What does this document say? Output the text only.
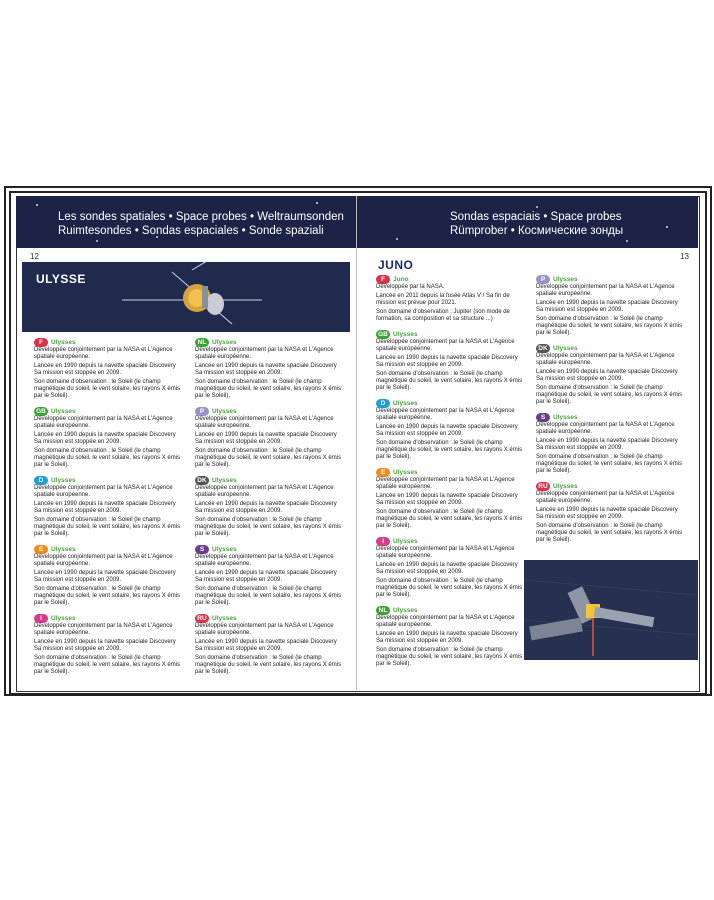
Les sondes spatiales • Space probes • Weltraumsonden
Ruimtesondes • Sondas espaciales • Sonde spaziali
Sondas espaciais • Space probes
Rümprober • Космические зонды
12
ULYSSE
F	Ulysses

Développée conjointement par la NASA et L'Agence spatiale européenne.

Lancée en 1990 depuis la navette spaciale Discovery Sa mission est stoppée en 2009.

Son domaine d'observation : le Soleil (le champ magnétique du soleil, le vent solaire, les rayons X émis par le Soleil).

GB Ulysses

Développée conjointement par la NASA et L'Agence spatiale européenne.

Lancée en 1990 depuis la navette spaciale Discovery Sa mission est stoppée en 2009.

Son domaine d'observation : le Soleil (le champ magnétique du soleil, le vent solaire, les rayons X émis par le Soleil).

D	Ulysses

Développée conjointement par la NASA et L'Agence spatiale européenne.

Lancée en 1990 depuis la navette spaciale Discovery Sa mission est stoppée en 2009.

Son domaine d'observation : le Soleil (le champ magnétique du soleil, le vent solaire, les rayons X émis par le Soleil).

E	Ulysses

Développée conjointement par la NASA et L'Agence spatiale européenne.

Lancée en 1990 depuis la navette spaciale Discovery Sa mission est stoppée en 2009.

Son domaine d'observation : le Soleil (le champ magnétique du soleil, le vent solaire, les rayons X émis par le Soleil).

I	Ulysses

Développée conjointement par la NASA et L'Agence spatiale européenne.

Lancée en 1990 depuis la navette spaciale Discovery Sa mission est stoppée en 2009.

Son domaine d'observation : le Soleil (le champ magnétique du soleil, le vent solaire, les rayons X émis par le Soleil).

NL Ulysses

Développée conjointement par la NASA et L'Agence spatiale européenne.

Lancée en 1990 depuis la navette spaciale Discovery Sa mission est stoppée en 2009.

Son domaine d'observation : le Soleil (le champ magnétique du soleil, le vent solaire, les rayons X émis par le Soleil).

P	Ulysses

Développée conjointement par la NASA et L'Agence spatiale européenne.

Lancée en 1990 depuis la navette spaciale Discovery Sa mission est stoppée en 2009.

Son domaine d'observation : le Soleil (le champ magnétique du soleil, le vent solaire, les rayons X émis par le Soleil).

DK Ulysses

Développée conjointement par la NASA et L'Agence spatiale européenne.

Lancée en 1990 depuis la navette spaciale Discovery Sa mission est stoppée en 2009.

Son domaine d'observation : le Soleil (le champ magnétique du soleil, le vent solaire, les rayons X émis par le Soleil).

S	Ulysses

Développée conjointement par la NASA et L'Agence spatiale européenne.

Lancée en 1990 depuis la navette spaciale Discovery Sa mission est stoppée en 2009.

Son domaine d'observation : le Soleil (le champ magnétique du soleil, le vent solaire, les rayons X émis par le Soleil).

RU Ulysses

Développée conjointement par la NASA et L'Agence spatiale européenne.

Lancée en 1990 depuis la navette spaciale Discovery Sa mission est stoppée en 2009.

Son domaine d'observation : le Soleil (le champ magnétique du soleil, le vent solaire, les rayons X émis par le Soleil).

13
JUNO
F	Juno

Développée par la NASA.

Lancée en 2011 depuis la fusée Atlas V / Sa fin de mission est prévue pour 2021.

Son domaine d'observation : Jupiter (son mode de formation, sa composition et sa structure ...)

GB Ulysses

Développée conjointement par la NASA et L'Agence spatiale européenne.

Lancée en 1990 depuis la navette spaciale Discovery Sa mission est stoppée en 2009.

Son domaine d'observation : le Soleil (le champ magnétique du soleil, le vent solaire, les rayons X émis par le Soleil).

D	Ulysses

Développée conjointement par la NASA et L'Agence spatiale européenne.

Lancée en 1990 depuis la navette spaciale Discovery Sa mission est stoppée en 2009.

Son domaine d'observation : le Soleil (le champ magnétique du soleil, le vent solaire, les rayons X émis par le Soleil).

E	Ulysses

Développée conjointement par la NASA et L'Agence spatiale européenne.

Lancée en 1990 depuis la navette spaciale Discovery Sa mission est stoppée en 2009.

Son domaine d'observation : le Soleil (le champ magnétique du soleil, le vent solaire, les rayons X émis par le Soleil).

I	Ulysses

Développée conjointement par la NASA et L'Agence spatiale européenne.

Lancée en 1990 depuis la navette spaciale Discovery Sa mission est stoppée en 2009.

Son domaine d'observation : le Soleil (le champ magnétique du soleil, le vent solaire, les rayons X émis par le Soleil).

NL Ulysses

Développée conjointement par la NASA et L'Agence spatiale européenne.

Lancée en 1990 depuis la navette spaciale Discovery Sa mission est stoppée en 2009.

Son domaine d'observation : le Soleil (le champ magnétique du soleil, le vent solaire, les rayons X émis par le Soleil).

P	Ulysses

Développée conjointement par la NASA et L'Agence spatiale européenne.

Lancée en 1990 depuis la navette spaciale Discovery Sa mission est stoppée en 2009.

Son domaine d'observation : le Soleil (le champ magnétique du soleil, le vent solaire, les rayons X émis par le Soleil).

DK Ulysses

Développée conjointement par la NASA et L'Agence spatiale européenne.

Lancée en 1990 depuis la navette spaciale Discovery Sa mission est stoppée en 2009.

Son domaine d'observation : le Soleil (le champ magnétique du soleil, le vent solaire, les rayons X émis par le Soleil).

S	Ulysses

Développée conjointement par la NASA et L'Agence spatiale européenne.

Lancée en 1990 depuis la navette spaciale Discovery Sa mission est stoppée en 2009.

Son domaine d'observation : le Soleil (le champ magnétique du soleil, le vent solaire, les rayons X émis par le Soleil).

RU Ulysses

Développée conjointement par la NASA et L'Agence spatiale européenne.

Lancée en 1990 depuis la navette spaciale Discovery Sa mission est stoppée en 2009.

Son domaine d'observation : le Soleil (le champ magnétique du soleil, le vent solaire, les rayons X émis par le Soleil).
